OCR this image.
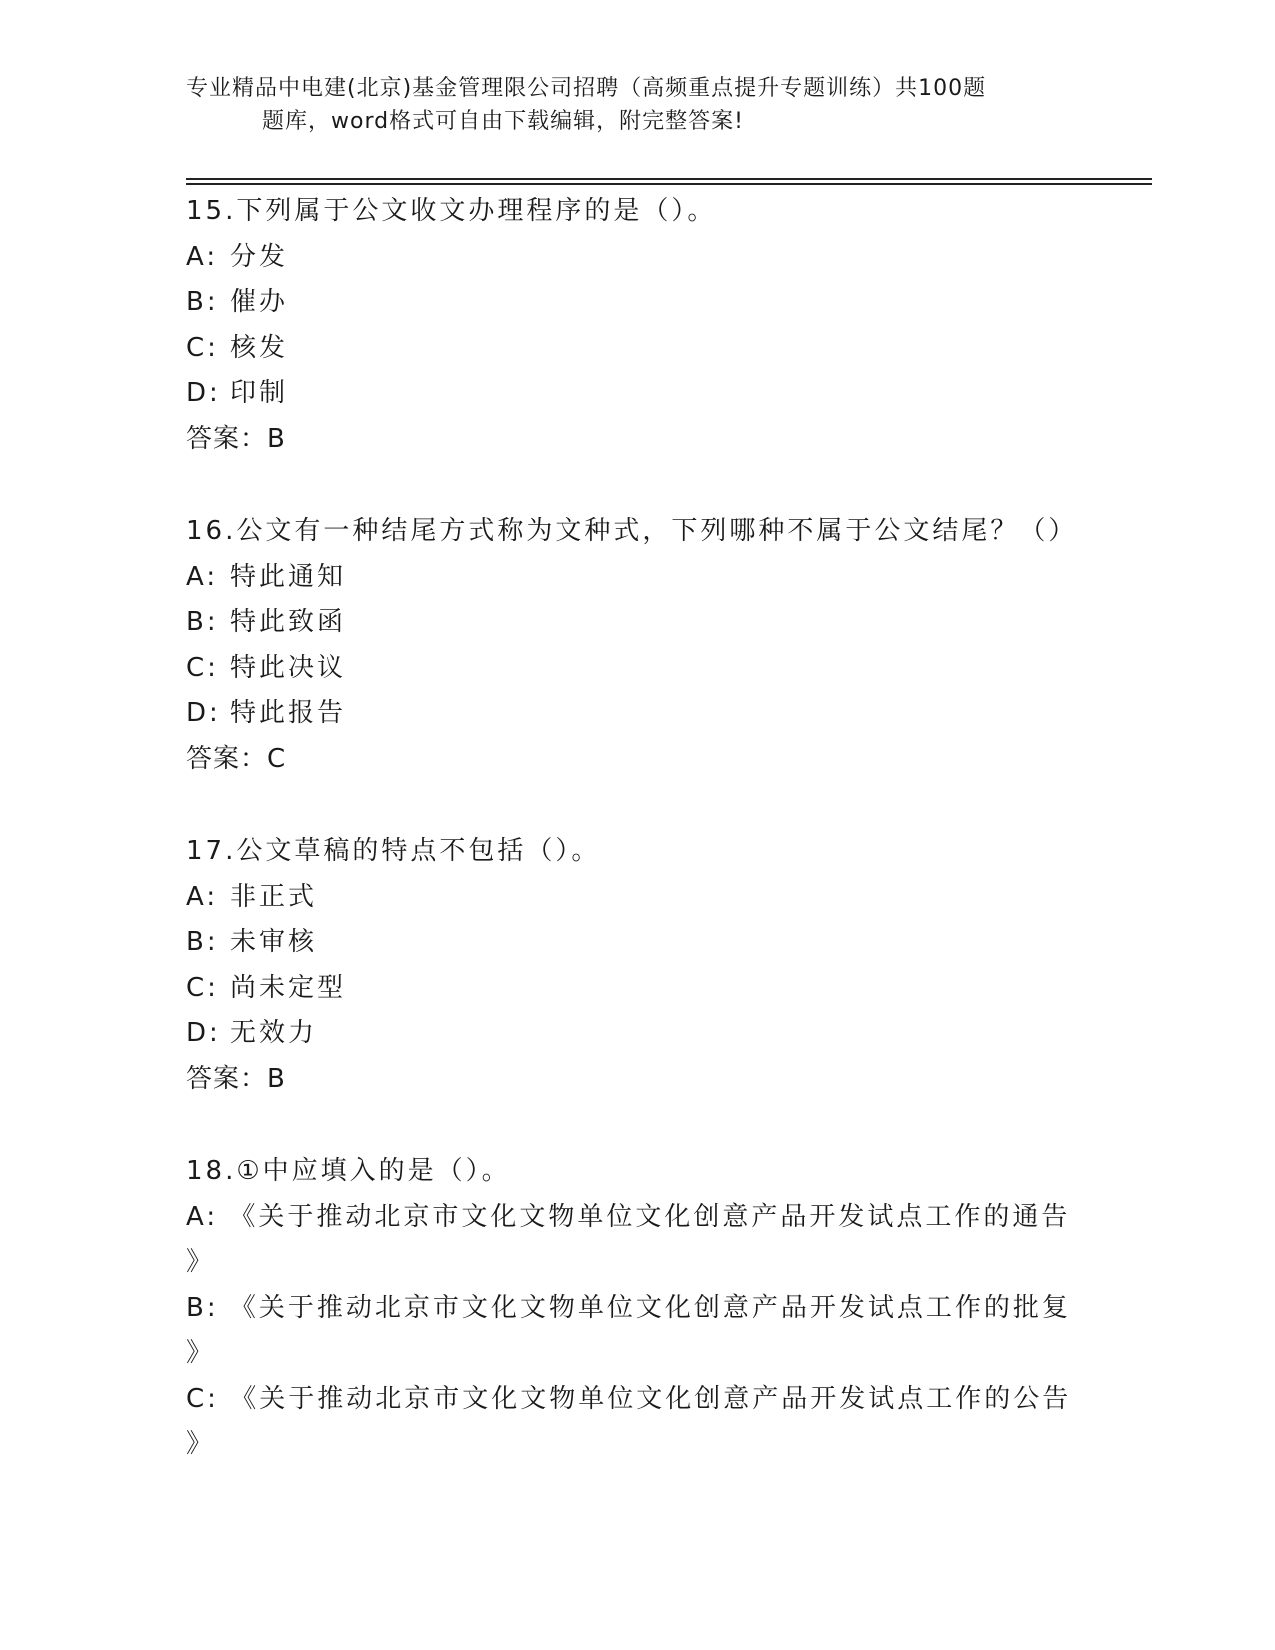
专业精品中电建(北京)基金管理限公司招聘（高频重点提升专题训练）共100题
题库，word格式可自由下载编辑，附完整答案!
15.下列属于公文收文办理程序的是（）。
A: 分发
B: 催办
C: 核发
D: 印制
答案：B
16.公文有一种结尾方式称为文种式，下列哪种不属于公文结尾？（）
A: 特此通知
B: 特此致函
C: 特此决议
D: 特此报告
答案：C
17.公文草稿的特点不包括（）。
A: 非正式
B: 未审核
C: 尚未定型
D: 无效力
答案：B
18.①中应填入的是（）。
A: 《关于推动北京市文化文物单位文化创意产品开发试点工作的通告
》
B: 《关于推动北京市文化文物单位文化创意产品开发试点工作的批复
》
C: 《关于推动北京市文化文物单位文化创意产品开发试点工作的公告
》
